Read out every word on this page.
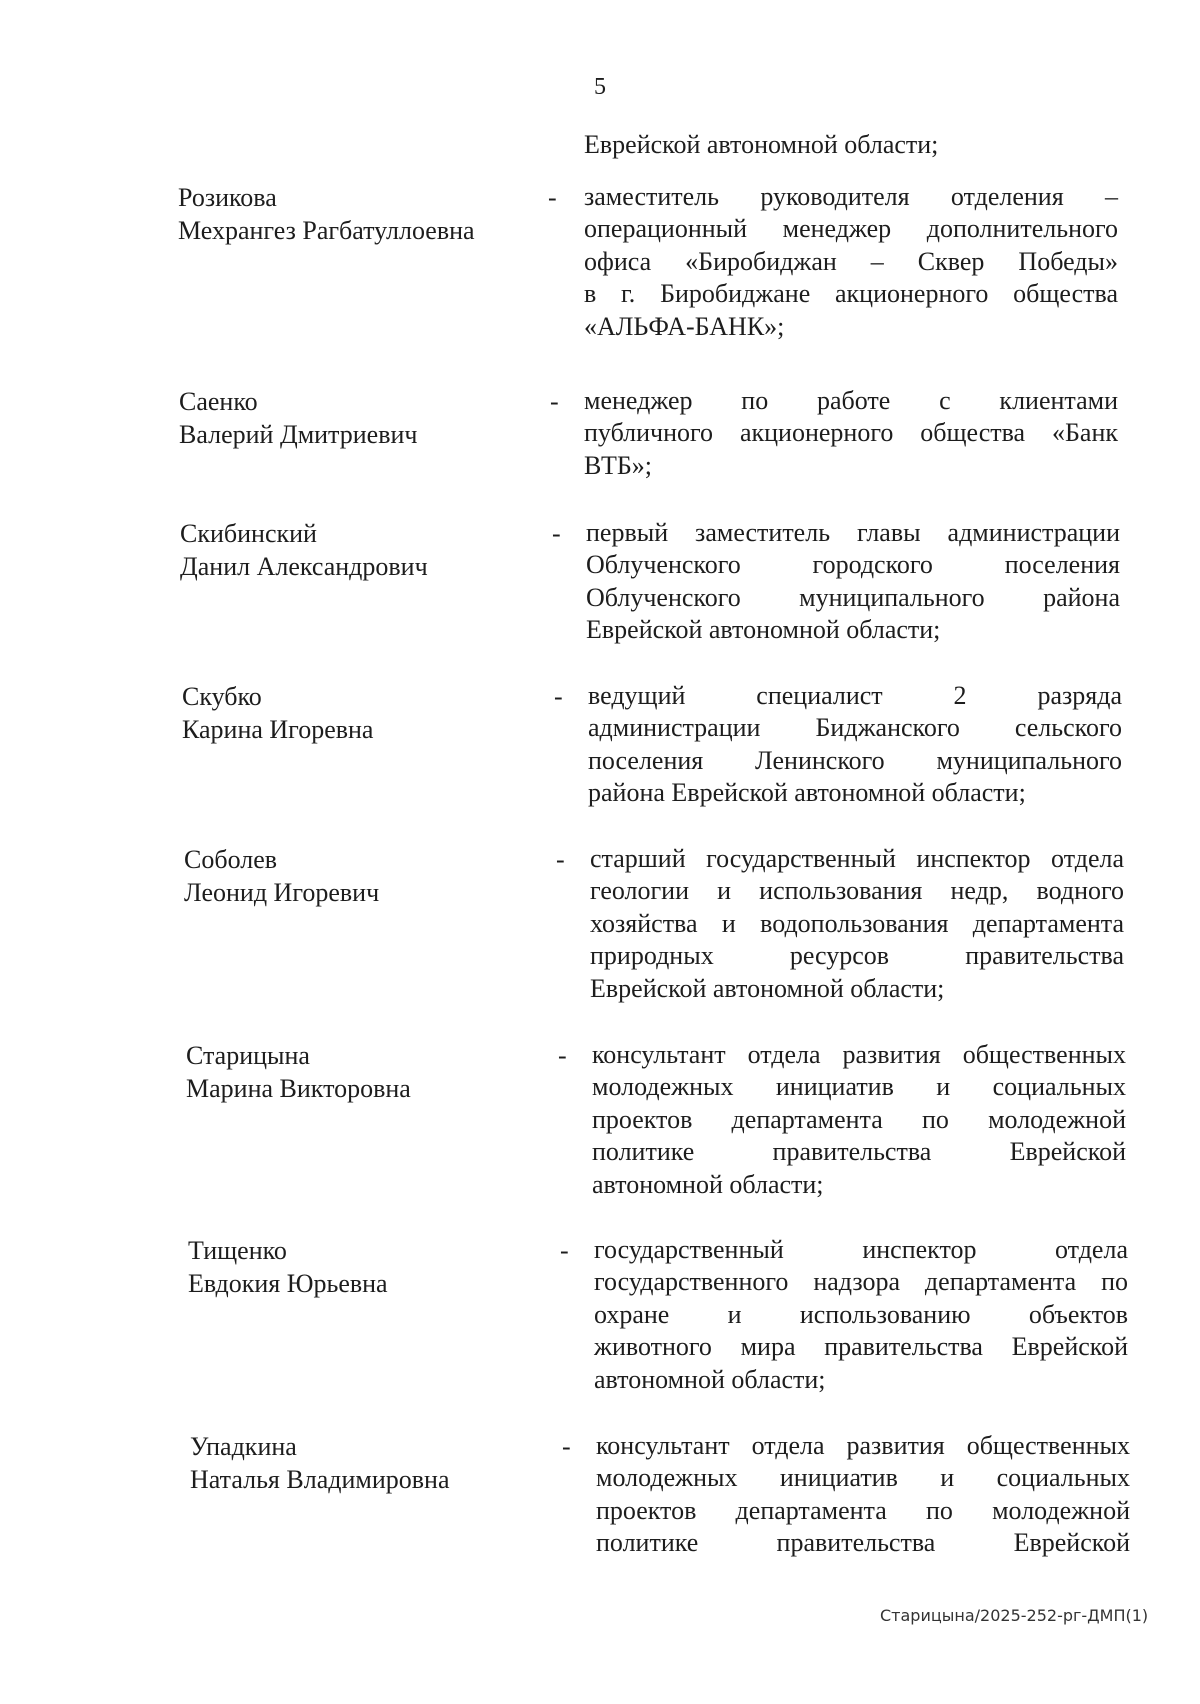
5
Еврейской автономной области;
Розикова
Мехрангез Рагбатуллоевна
- заместитель руководителя отделения –
операционный менеджер дополнительного
офиса «Биробиджан – Сквер Победы»
в г. Биробиджане акционерного общества
«АЛЬФА-БАНК»;
Саенко
Валерий Дмитриевич
- менеджер по работе с клиентами
публичного акционерного общества «Банк
ВТБ»;
Скибинский
Данил Александрович
- первый заместитель главы администрации
Облученского городского поселения
Облученского муниципального района
Еврейской автономной области;
Скубко
Карина Игоревна
- ведущий специалист 2 разряда
администрации Биджанского сельского
поселения Ленинского муниципального
района Еврейской автономной области;
Соболев
Леонид Игоревич
- старший государственный инспектор отдела
геологии и использования недр, водного
хозяйства и водопользования департамента
природных ресурсов правительства
Еврейской автономной области;
Старицына
Марина Викторовна
- консультант отдела развития общественных
молодежных инициатив и социальных
проектов департамента по молодежной
политике правительства Еврейской
автономной области;
Тищенко
Евдокия Юрьевна
- государственный инспектор отдела
государственного надзора департамента по
охране и использованию объектов
животного мира правительства Еврейской
автономной области;
Упадкина
Наталья Владимировна
- консультант отдела развития общественных
молодежных инициатив и социальных
проектов департамента по молодежной
политике правительства Еврейской
Старицына/2025-252-рг-ДМП(1)
